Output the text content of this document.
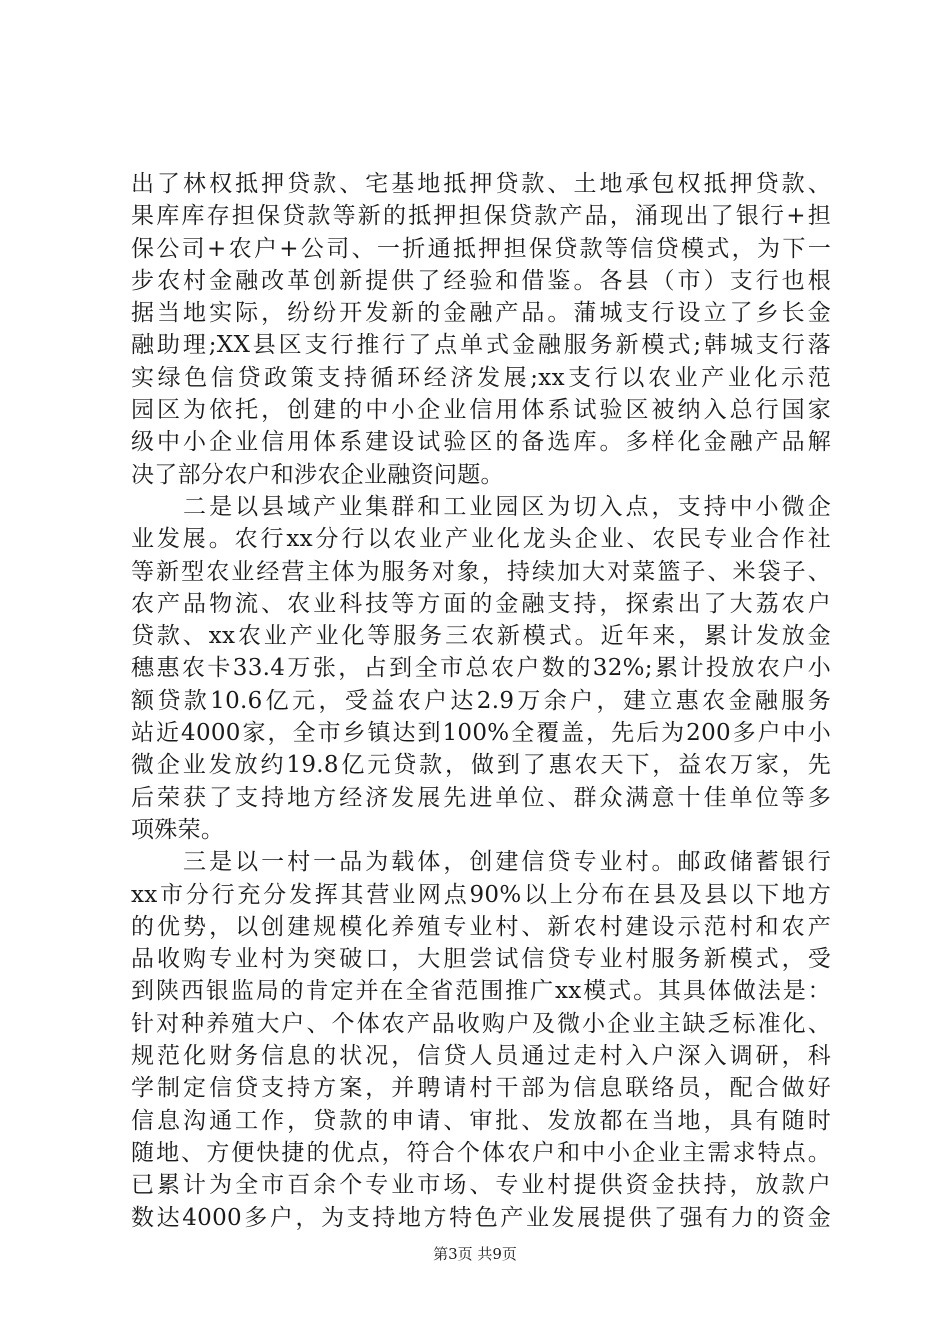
出了林权抵押贷款、宅基地抵押贷款、土地承包权抵押贷款、
果库库存担保贷款等新的抵押担保贷款产品，涌现出了银行+担
保公司+农户+公司、一折通抵押担保贷款等信贷模式，为下一
步农村金融改革创新提供了经验和借鉴。各县（市）支行也根
据当地实际，纷纷开发新的金融产品。蒲城支行设立了乡长金
融助理;XX县区支行推行了点单式金融服务新模式;韩城支行落
实绿色信贷政策支持循环经济发展;xx支行以农业产业化示范
园区为依托，创建的中小企业信用体系试验区被纳入总行国家
级中小企业信用体系建设试验区的备选库。多样化金融产品解
决了部分农户和涉农企业融资问题。
　　二是以县域产业集群和工业园区为切入点，支持中小微企
业发展。农行xx分行以农业产业化龙头企业、农民专业合作社
等新型农业经营主体为服务对象，持续加大对菜篮子、米袋子、
农产品物流、农业科技等方面的金融支持，探索出了大荔农户
贷款、xx农业产业化等服务三农新模式。近年来，累计发放金
穗惠农卡33.4万张，占到全市总农户数的32%;累计投放农户小
额贷款10.6亿元，受益农户达2.9万余户，建立惠农金融服务
站近4000家，全市乡镇达到100%全覆盖，先后为200多户中小
微企业发放约19.8亿元贷款，做到了惠农天下，益农万家，先
后荣获了支持地方经济发展先进单位、群众满意十佳单位等多
项殊荣。
　　三是以一村一品为载体，创建信贷专业村。邮政储蓄银行
xx市分行充分发挥其营业网点90%以上分布在县及县以下地方
的优势，以创建规模化养殖专业村、新农村建设示范村和农产
品收购专业村为突破口，大胆尝试信贷专业村服务新模式，受
到陕西银监局的肯定并在全省范围推广xx模式。其具体做法是：
针对种养殖大户、个体农产品收购户及微小企业主缺乏标准化、
规范化财务信息的状况，信贷人员通过走村入户深入调研，科
学制定信贷支持方案，并聘请村干部为信息联络员，配合做好
信息沟通工作，贷款的申请、审批、发放都在当地，具有随时
随地、方便快捷的优点，符合个体农户和中小企业主需求特点。
已累计为全市百余个专业市场、专业村提供资金扶持，放款户
数达4000多户，为支持地方特色产业发展提供了强有力的资金
第3页 共9页
